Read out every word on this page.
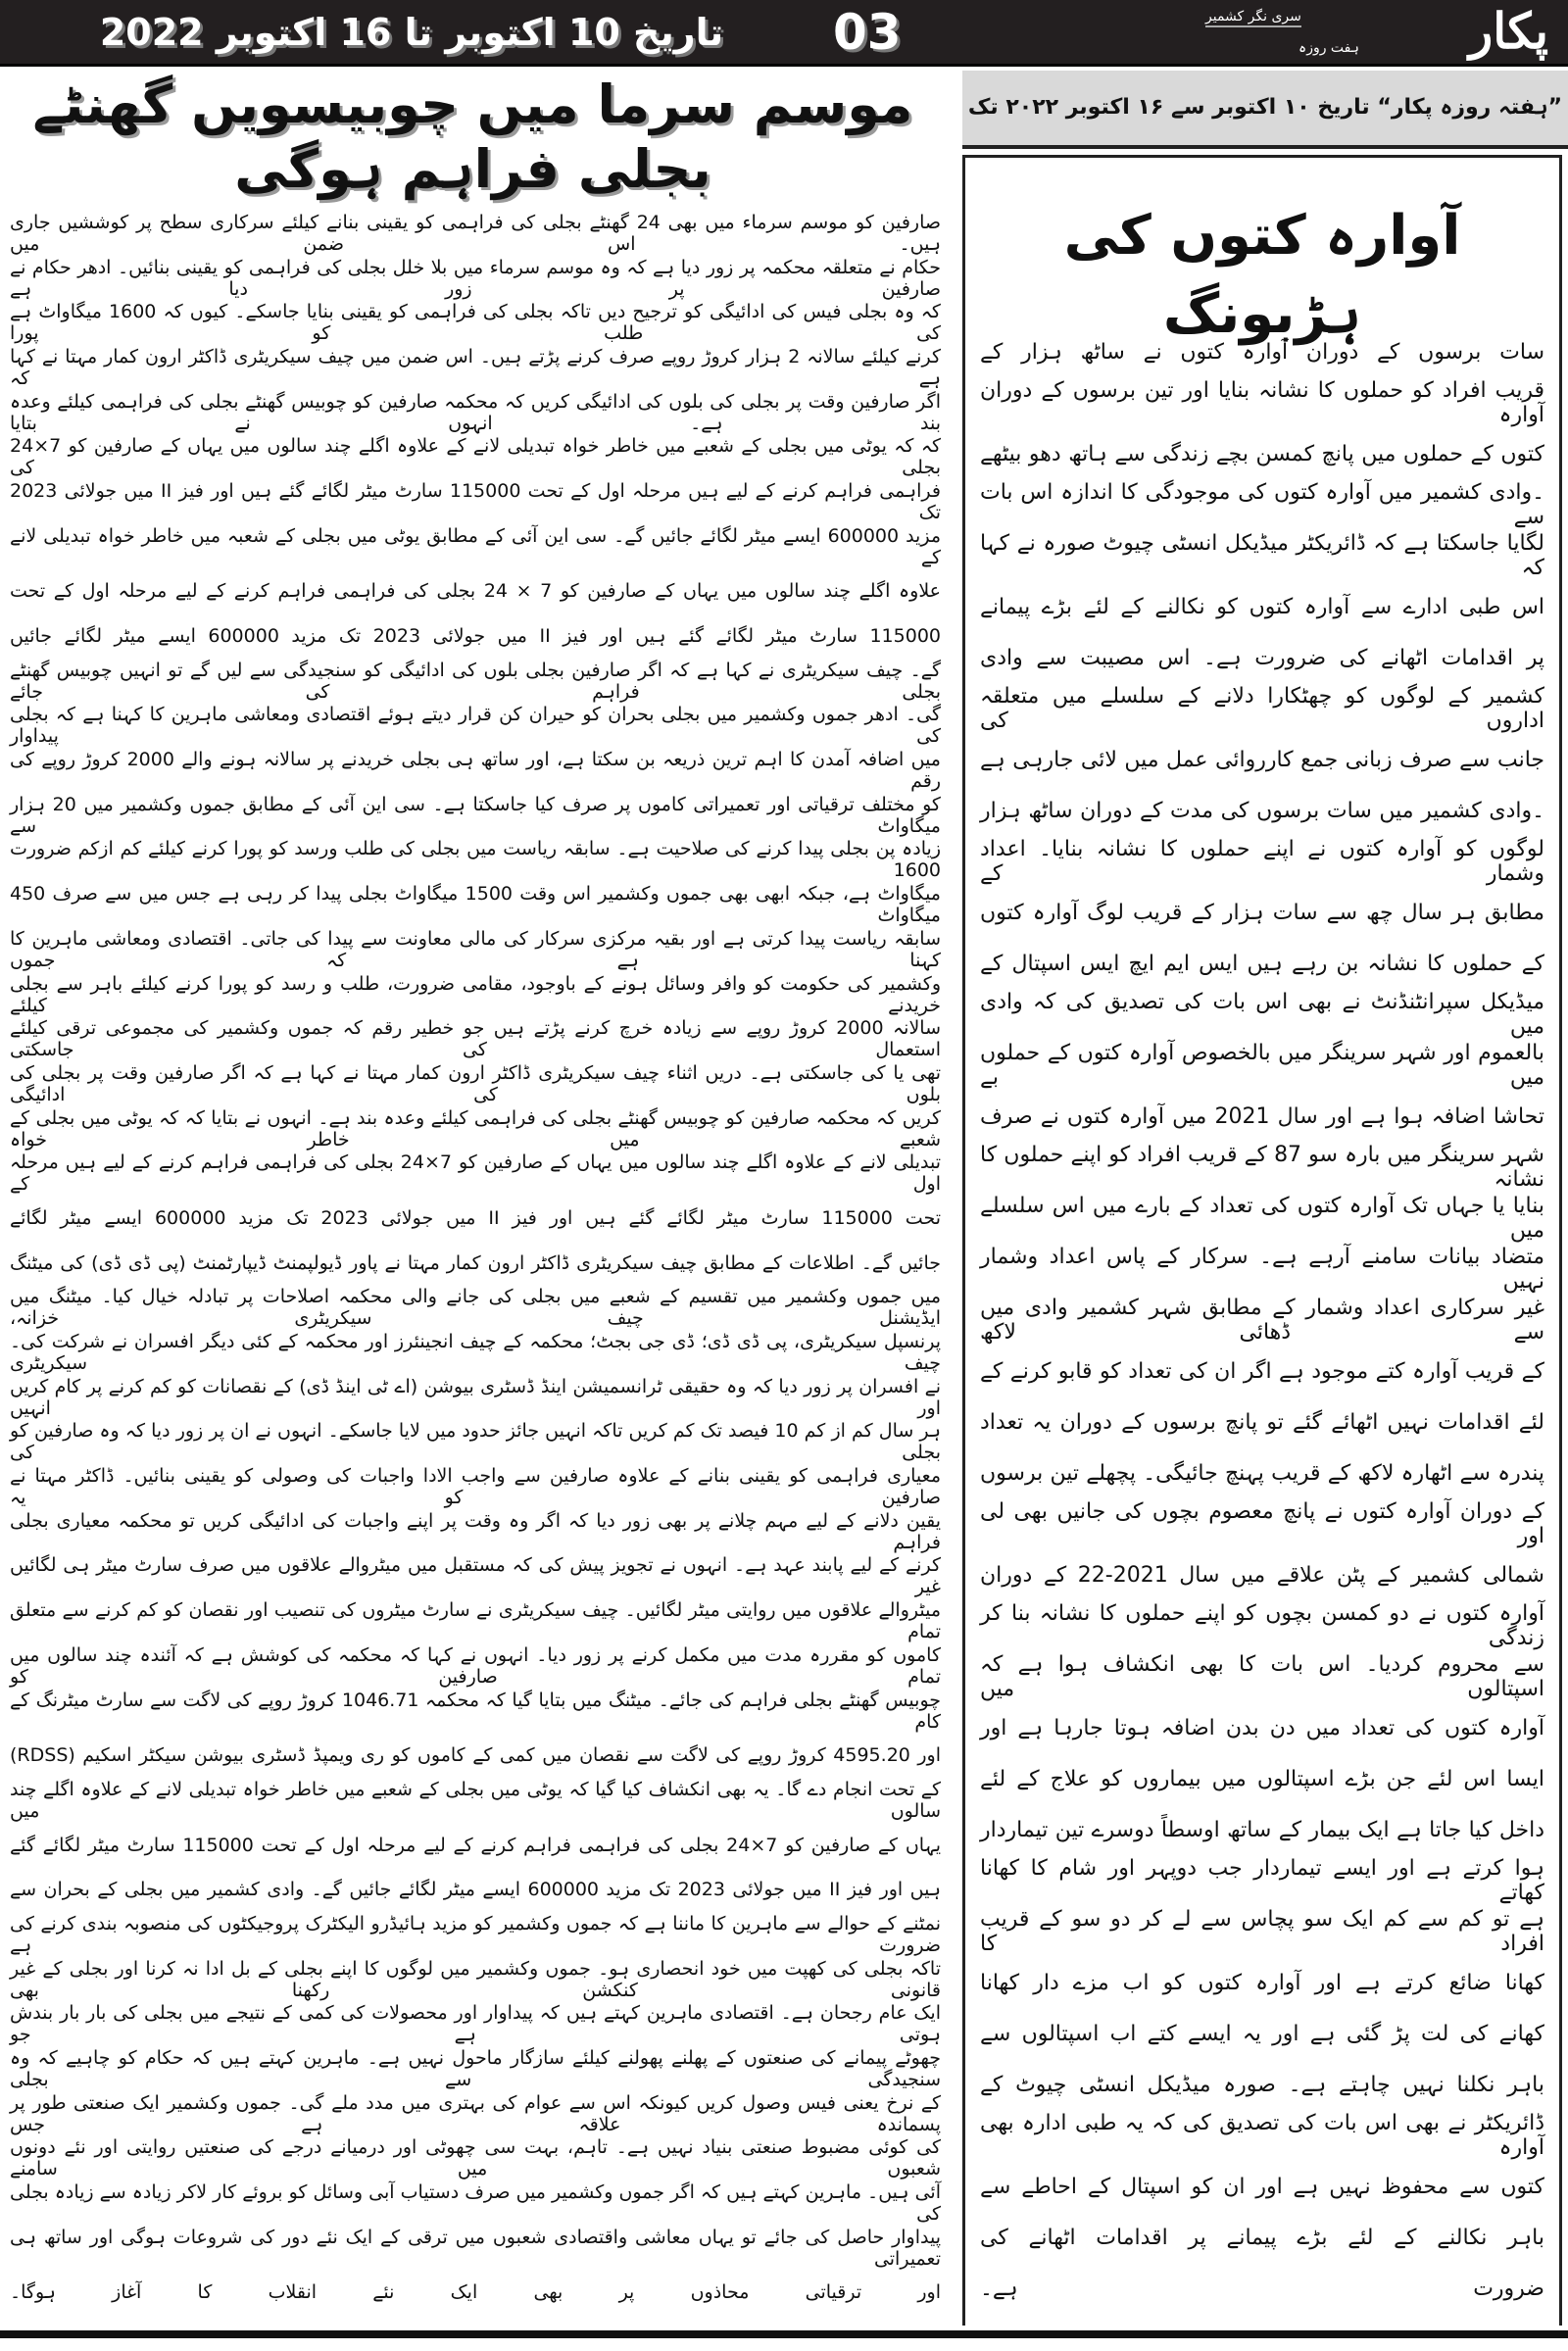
تاریخ 10 اکتوبر تا 16 اکتوبر 2022	03	پکار
ہفت روزہ
سری نگر کشمیر
موسم سرما میں چوبیسویں گھنٹے بجلی فراہم ہوگی
صارفین کو موسم سرماء میں بھی 24 گھنٹے بجلی کی فراہمی کو یقینی بنانے کیلئے سرکاری سطح پر کوششیں جاری ہیں۔ اس ضمن میں
حکام نے متعلقہ محکمہ پر زور دیا ہے کہ وہ موسم سرماء میں بلا خلل بجلی کی فراہمی کو یقینی بنائیں۔ ادھر حکام نے صارفین پر زور دیا ہے
کہ وہ بجلی فیس کی ادائیگی کو ترجیح دیں تاکہ بجلی کی فراہمی کو یقینی بنایا جاسکے۔ کیوں کہ 1600 میگاواٹ ہے کی طلب کو پورا
کرنے کیلئے سالانہ 2 ہزار کروڑ روپے صرف کرنے پڑتے ہیں۔ اس ضمن میں چیف سیکریٹری ڈاکٹر ارون کمار مہتا نے کہا ہے کہ
اگر صارفین وقت پر بجلی کی بلوں کی ادائیگی کریں کہ محکمہ صارفین کو چوبیس گھنٹے بجلی کی فراہمی کیلئے وعدہ بند ہے۔ انہوں نے بتایا
کہ کہ یوٹی میں بجلی کے شعبے میں خاطر خواہ تبدیلی لانے کے علاوہ اگلے چند سالوں میں یہاں کے صارفین کو 7×24 بجلی کی
فراہمی فراہم کرنے کے لیے ہیں مرحلہ اول کے تحت 115000 سارٹ میٹر لگائے گئے ہیں اور فیز II میں جولائی 2023 تک
مزید 600000 ایسے میٹر لگائے جائیں گے۔ سی این آئی کے مطابق یوٹی میں بجلی کے شعبہ میں خاطر خواہ تبدیلی لانے کے
علاوہ اگلے چند سالوں میں یہاں کے صارفین کو 7 × 24 بجلی کی فراہمی فراہم کرنے کے لیے مرحلہ اول کے تحت
115000 سارٹ میٹر لگائے گئے ہیں اور فیز II میں جولائی 2023 تک مزید 600000 ایسے میٹر لگائے جائیں
گے۔ چیف سیکریٹری نے کہا ہے کہ اگر صارفین بجلی بلوں کی ادائیگی کو سنجیدگی سے لیں گے تو انہیں چوبیس گھنٹے بجلی فراہم کی جائے
گی۔ ادھر جموں وکشمیر میں بجلی بحران کو حیران کن قرار دیتے ہوئے اقتصادی ومعاشی ماہرین کا کہنا ہے کہ بجلی کی پیداوار
میں اضافہ آمدن کا اہم ترین ذریعہ بن سکتا ہے، اور ساتھ ہی بجلی خریدنے پر سالانہ ہونے والے 2000 کروڑ روپے کی رقم
کو مختلف ترقیاتی اور تعمیراتی کاموں پر صرف کیا جاسکتا ہے۔ سی این آئی کے مطابق جموں وکشمیر میں 20 ہزار میگاواٹ سے
زیادہ پن بجلی پیدا کرنے کی صلاحیت ہے۔ سابقہ ریاست میں بجلی کی طلب ورسد کو پورا کرنے کیلئے کم ازکم ضرورت 1600
میگاواٹ ہے، جبکہ ابھی بھی جموں وکشمیر اس وقت 1500 میگاواٹ بجلی پیدا کر رہی ہے جس میں سے صرف 450 میگاواٹ
سابقہ ریاست پیدا کرتی ہے اور بقیہ مرکزی سرکار کی مالی معاونت سے پیدا کی جاتی۔ اقتصادی ومعاشی ماہرین کا کہنا ہے کہ جموں
وکشمیر کی حکومت کو وافر وسائل ہونے کے باوجود، مقامی ضرورت، طلب و رسد کو پورا کرنے کیلئے باہر سے بجلی خریدنے کیلئے
سالانہ 2000 کروڑ روپے سے زیادہ خرچ کرنے پڑتے ہیں جو خطیر رقم کہ جموں وکشمیر کی مجموعی ترقی کیلئے استعمال کی جاسکتی
تھی یا کی جاسکتی ہے۔ دریں اثناء چیف سیکریٹری ڈاکٹر ارون کمار مہتا نے کہا ہے کہ اگر صارفین وقت پر بجلی کی بلوں کی ادائیگی
کریں کہ محکمہ صارفین کو چوبیس گھنٹے بجلی کی فراہمی کیلئے وعدہ بند ہے۔ انہوں نے بتایا کہ کہ یوٹی میں بجلی کے شعبے میں خاطر خواہ
تبدیلی لانے کے علاوہ اگلے چند سالوں میں یہاں کے صارفین کو 7×24 بجلی کی فراہمی فراہم کرنے کے لیے ہیں مرحلہ اول کے
تحت 115000 سارٹ میٹر لگائے گئے ہیں اور فیز II میں جولائی 2023 تک مزید 600000 ایسے میٹر لگائے
جائیں گے۔ اطلاعات کے مطابق چیف سیکریٹری ڈاکٹر ارون کمار مہتا نے پاور ڈیولپمنٹ ڈیپارٹمنٹ (پی ڈی ڈی) کی میٹنگ
میں جموں وکشمیر میں تقسیم کے شعبے میں بجلی کی جانے والی محکمہ اصلاحات پر تبادلہ خیال کیا۔ میٹنگ میں ایڈیشنل چیف سیکریٹری خزانہ،
پرنسپل سیکریٹری، پی ڈی ڈی؛ ڈی جی بجٹ؛ محکمہ کے چیف انجینئرز اور محکمہ کے کئی دیگر افسران نے شرکت کی۔ چیف سیکریٹری
نے افسران پر زور دیا کہ وہ حقیقی ٹرانسمیشن اینڈ ڈسٹری بیوشن (اے ٹی اینڈ ڈی) کے نقصانات کو کم کرنے پر کام کریں اور انہیں
ہر سال کم از کم 10 فیصد تک کم کریں تاکہ انہیں جائز حدود میں لایا جاسکے۔ انہوں نے ان پر زور دیا کہ وہ صارفین کو بجلی کی
معیاری فراہمی کو یقینی بنانے کے علاوہ صارفین سے واجب الادا واجبات کی وصولی کو یقینی بنائیں۔ ڈاکٹر مہتا نے صارفین کو یہ
یقین دلانے کے لیے مہم چلانے پر بھی زور دیا کہ اگر وہ وقت پر اپنے واجبات کی ادائیگی کریں تو محکمہ معیاری بجلی فراہم
کرنے کے لیے پابند عہد ہے۔ انہوں نے تجویز پیش کی کہ مستقبل میں میٹروالے علاقوں میں صرف سارٹ میٹر ہی لگائیں غیر
میٹروالے علاقوں میں روایتی میٹر لگائیں۔ چیف سیکریٹری نے سارٹ میٹروں کی تنصیب اور نقصان کو کم کرنے سے متعلق تمام
کاموں کو مقررہ مدت میں مکمل کرنے پر زور دیا۔ انہوں نے کہا کہ محکمہ کی کوشش ہے کہ آئندہ چند سالوں میں تمام صارفین کو
چوبیس گھنٹے بجلی فراہم کی جائے۔ میٹنگ میں بتایا گیا کہ محکمہ 1046.71 کروڑ روپے کی لاگت سے سارٹ میٹرنگ کے کام
اور 4595.20 کروڑ روپے کی لاگت سے نقصان میں کمی کے کاموں کو ری ویمپڈ ڈسٹری بیوشن سیکٹر اسکیم (RDSS)
کے تحت انجام دے گا۔ یہ بھی انکشاف کیا گیا کہ یوٹی میں بجلی کے شعبے میں خاطر خواہ تبدیلی لانے کے علاوہ اگلے چند سالوں میں
یہاں کے صارفین کو 7×24 بجلی کی فراہمی فراہم کرنے کے لیے مرحلہ اول کے تحت 115000 سارٹ میٹر لگائے گئے
ہیں اور فیز II میں جولائی 2023 تک مزید 600000 ایسے میٹر لگائے جائیں گے۔ وادی کشمیر میں بجلی کے بحران سے
نمٹنے کے حوالے سے ماہرین کا ماننا ہے کہ جموں وکشمیر کو مزید ہائیڈرو الیکٹرک پروجیکٹوں کی منصوبہ بندی کرنے کی ضرورت ہے
تاکہ بجلی کی کھپت میں خود انحصاری ہو۔ جموں وکشمیر میں لوگوں کا اپنے بجلی کے بل ادا نہ کرنا اور بجلی کے غیر قانونی کنکشن رکھنا بھی
ایک عام رجحان ہے۔ اقتصادی ماہرین کہتے ہیں کہ پیداوار اور محصولات کی کمی کے نتیجے میں بجلی کی بار بار بندش ہوتی ہے جو
چھوٹے پیمانے کی صنعتوں کے پھلنے پھولنے کیلئے سازگار ماحول نہیں ہے۔ ماہرین کہتے ہیں کہ حکام کو چاہیے کہ وہ سنجیدگی سے بجلی
کے نرخ یعنی فیس وصول کریں کیونکہ اس سے عوام کی بہتری میں مدد ملے گی۔ جموں وکشمیر ایک صنعتی طور پر پسماندہ علاقہ ہے جس
کی کوئی مضبوط صنعتی بنیاد نہیں ہے۔ تاہم، بہت سی چھوٹی اور درمیانے درجے کی صنعتیں روایتی اور نئے دونوں شعبوں میں سامنے
آئی ہیں۔ ماہرین کہتے ہیں کہ اگر جموں وکشمیر میں صرف دستیاب آبی وسائل کو بروئے کار لاکر زیادہ سے زیادہ بجلی کی
پیداوار حاصل کی جائے تو یہاں معاشی واقتصادی شعبوں میں ترقی کے ایک نئے دور کی شروعات ہوگی اور ساتھ ہی تعمیراتی
اور ترقیاتی محاذوں پر بھی ایک نئے انقلاب کا آغاز ہوگا۔
”ہفتہ روزہ پکار“ تاریخ ۱۰ اکتوبر سے ۱۶ اکتوبر ۲۰۲۲ تک
آوارہ کتوں کی ہڑبونگ
سات برسوں کے دوران آوارہ کتوں نے ساٹھ ہزار کے
قریب افراد کو حملوں کا نشانہ بنایا اور تین برسوں کے دوران آوارہ
کتوں کے حملوں میں پانچ کمسن بچے زندگی سے ہاتھ دھو بیٹھے
۔وادی کشمیر میں آوارہ کتوں کی موجودگی کا اندازہ اس بات سے
لگایا جاسکتا ہے کہ ڈائریکٹر میڈیکل انسٹی چیوٹ صورہ نے کہا کہ
اس طبی ادارے سے آوارہ کتوں کو نکالنے کے لئے بڑے پیمانے
پر اقدامات اٹھانے کی ضرورت ہے۔ اس مصیبت سے وادی
کشمیر کے لوگوں کو چھٹکارا دلانے کے سلسلے میں متعلقہ اداروں کی
جانب سے صرف زبانی جمع کارروائی عمل میں لائی جارہی ہے
۔وادی کشمیر میں سات برسوں کی مدت کے دوران ساٹھ ہزار
لوگوں کو آوارہ کتوں نے اپنے حملوں کا نشانہ بنایا۔ اعداد وشمار کے
مطابق ہر سال چھ سے سات ہزار کے قریب لوگ آوارہ کتوں
کے حملوں کا نشانہ بن رہے ہیں ایس ایم ایچ ایس اسپتال کے
میڈیکل سپرانٹنڈنٹ نے بھی اس بات کی تصدیق کی کہ وادی میں
بالعموم اور شہر سرینگر میں بالخصوص آوارہ کتوں کے حملوں میں بے
تحاشا اضافہ ہوا ہے اور سال 2021 میں آوارہ کتوں نے صرف
شہر سرینگر میں بارہ سو 87 کے قریب افراد کو اپنے حملوں کا نشانہ
بنایا یا جہاں تک آوارہ کتوں کی تعداد کے بارے میں اس سلسلے میں
متضاد بیانات سامنے آرہے ہے۔ سرکار کے پاس اعداد وشمار نہیں
غیر سرکاری اعداد وشمار کے مطابق شہر کشمیر وادی میں سے ڈھائی لاکھ
کے قریب آوارہ کتے موجود ہے اگر ان کی تعداد کو قابو کرنے کے
لئے اقدامات نہیں اٹھائے گئے تو پانچ برسوں کے دوران یہ تعداد
پندرہ سے اٹھارہ لاکھ کے قریب پہنچ جائیگی۔ پچھلے تین برسوں
کے دوران آوارہ کتوں نے پانچ معصوم بچوں کی جانیں بھی لی اور
شمالی کشمیر کے پٹن علاقے میں سال 2021-22 کے دوران
آوارہ کتوں نے دو کمسن بچوں کو اپنے حملوں کا نشانہ بنا کر زندگی
سے محروم کردیا۔ اس بات کا بھی انکشاف ہوا ہے کہ اسپتالوں میں
آوارہ کتوں کی تعداد میں دن بدن اضافہ ہوتا جارہا ہے اور
ایسا اس لئے جن بڑے اسپتالوں میں بیماروں کو علاج کے لئے
داخل کیا جاتا ہے ایک بیمار کے ساتھ اوسطاً دوسرے تین تیماردار
ہوا کرتے ہے اور ایسے تیماردار جب دوپہر اور شام کا کھانا کھاتے
ہے تو کم سے کم ایک سو پچاس سے لے کر دو سو کے قریب افراد کا
کھانا ضائع کرتے ہے اور آوارہ کتوں کو اب مزے دار کھانا
کھانے کی لت پڑ گئی ہے اور یہ ایسے کتے اب اسپتالوں سے
باہر نکلنا نہیں چاہتے ہے۔ صورہ میڈیکل انسٹی چیوٹ کے
ڈائریکٹر نے بھی اس بات کی تصدیق کی کہ یہ طبی ادارہ بھی آوارہ
کتوں سے محفوظ نہیں ہے اور ان کو اسپتال کے احاطے سے
باہر نکالنے کے لئے بڑے پیمانے پر اقدامات اٹھانے کی
ضرورت ہے۔
